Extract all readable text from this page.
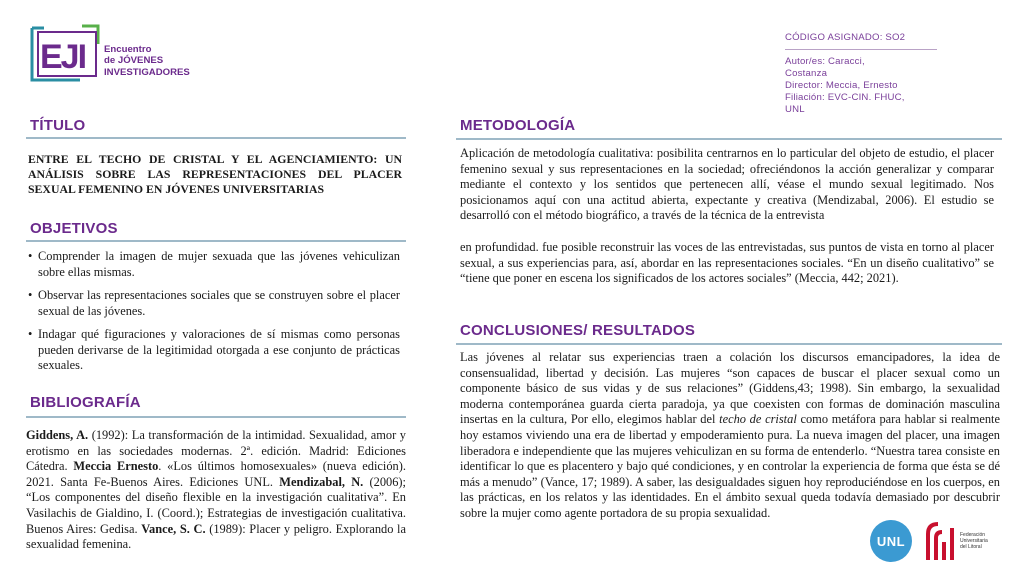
EJI Encuentro
de JÓVENES
INVESTIGADORES
CÓDIGO ASIGNADO: SO2
Autor/es: Caracci,
Costanza
Director: Meccia, Ernesto
Filiación: EVC-CIN. FHUC,
UNL
TÍTULO
ENTRE EL TECHO DE CRISTAL Y EL AGENCIAMIENTO: UN ANÁLISIS SOBRE LAS REPRESENTACIONES DEL PLACER SEXUAL FEMENINO EN JÓVENES UNIVERSITARIAS
OBJETIVOS
• Comprender la imagen de mujer sexuada que las jóvenes vehiculizan sobre ellas mismas.
• Observar las representaciones sociales que se construyen sobre el placer sexual de las jóvenes.
• Indagar qué figuraciones y valoraciones de sí mismas como personas pueden derivarse de la legitimidad otorgada a ese conjunto de prácticas sexuales.
BIBLIOGRAFÍA
Giddens, A. (1992): La transformación de la intimidad. Sexualidad, amor y erotismo en las sociedades modernas. 2ª. edición. Madrid: Ediciones Cátedra. Meccia Ernesto. «Los últimos homosexuales» (nueva edición). 2021. Santa Fe-Buenos Aires. Ediciones UNL. Mendizabal, N. (2006); “Los componentes del diseño flexible en la investigación cualitativa”. En Vasilachis de Gialdino, I. (Coord.); Estrategias de investigación cualitativa. Buenos Aires: Gedisa. Vance, S. C. (1989): Placer y peligro. Explorando la sexualidad femenina.
METODOLOGÍA
Aplicación de metodología cualitativa: posibilita centrarnos en lo particular del objeto de estudio, el placer femenino sexual y sus representaciones en la sociedad; ofreciéndonos la acción generalizar y comparar mediante el contexto y los sentidos que pertenecen allí, véase el mundo sexual legitimado. Nos posicionamos aquí con una actitud abierta, expectante y creativa (Mendizabal, 2006). El estudio se desarrolló con el método biográfico, a través de la técnica de la entrevista
en profundidad. fue posible reconstruir las voces de las entrevistadas, sus puntos de vista en torno al placer sexual, a sus experiencias para, así, abordar en las representaciones sociales. “En un diseño cualitativo” se “tiene que poner en escena los significados de los actores sociales” (Meccia, 442; 2021).
CONCLUSIONES/ RESULTADOS
Las jóvenes al relatar sus experiencias traen a colación los discursos emancipadores, la idea de consensualidad, libertad y decisión. Las mujeres “son capaces de buscar el placer sexual como un componente básico de sus vidas y de sus relaciones” (Giddens,43; 1998). Sin embargo, la sexualidad moderna contemporánea guarda cierta paradoja, ya que coexisten con formas de dominación masculina insertas en la cultura, Por ello, elegimos hablar del techo de cristal como metáfora para hablar si realmente hoy estamos viviendo una era de libertad y empoderamiento pura. La nueva imagen del placer, una imagen liberadora e independiente que las mujeres vehiculizan en su forma de entenderlo. “Nuestra tarea consiste en identificar lo que es placentero y bajo qué condiciones, y en controlar la experiencia de forma que ésta se dé más a menudo” (Vance, 17; 1989). A saber, las desigualdades siguen hoy reproduciéndose en los cuerpos, en las prácticas, en los relatos y las identidades. En el ámbito sexual queda todavía demasiado por descubrir sobre la mujer como agente portadora de su propia sexualidad.
UNL	Federación
Universitaria
del Litoral
